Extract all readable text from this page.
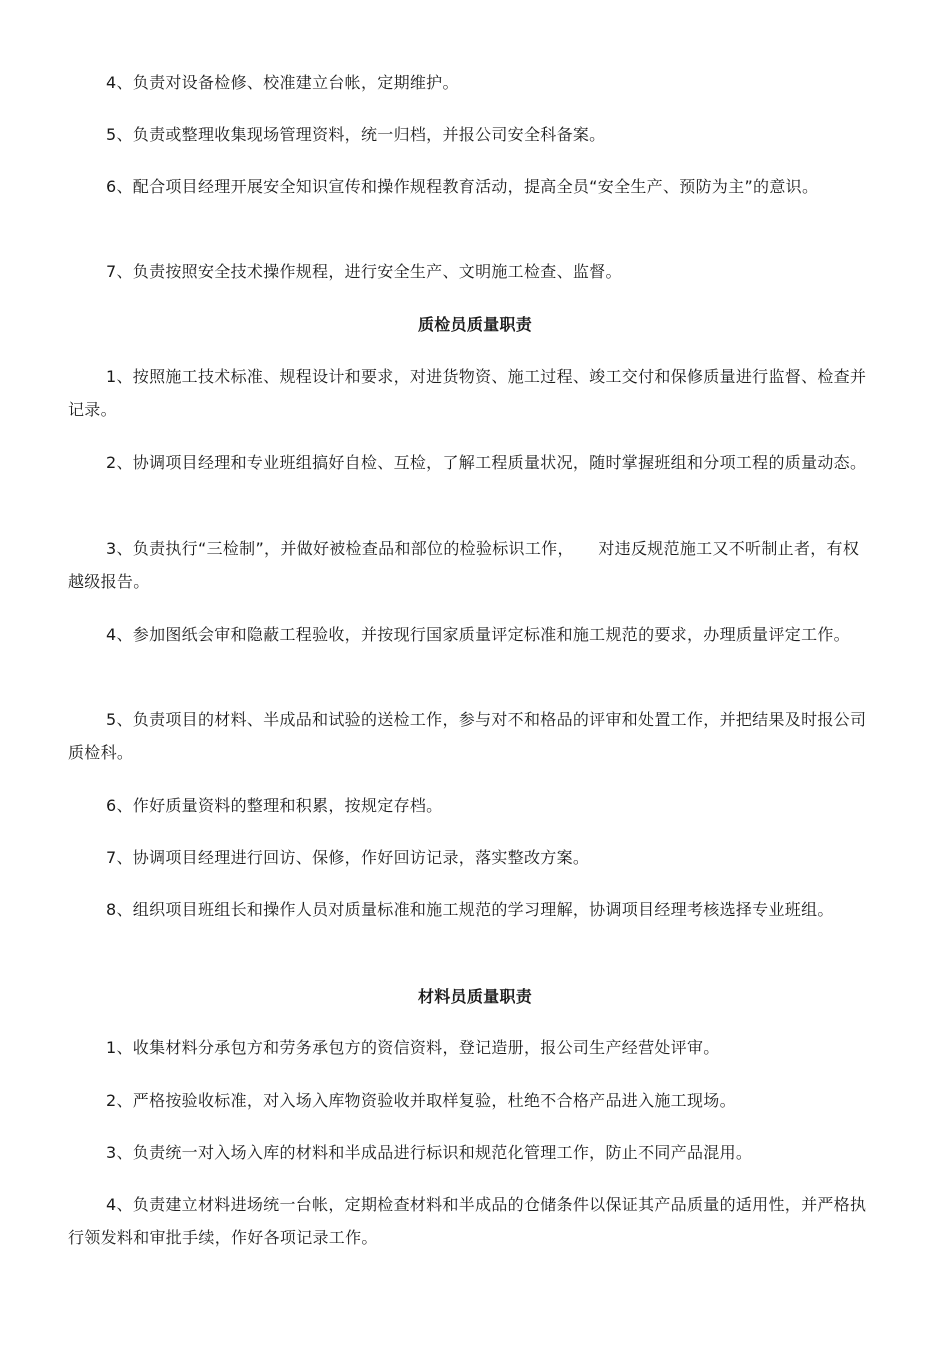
4、负责对设备检修、校准建立台帐，定期维护。

5、负责或整理收集现场管理资料，统一归档，并报公司安全科备案。

6、配合项目经理开展安全知识宣传和操作规程教育活动，提高全员“安全生产、预防为主”的意识。

7、负责按照安全技术操作规程，进行安全生产、文明施工检查、监督。

质检员质量职责

1、按照施工技术标准、规程设计和要求，对进货物资、施工过程、竣工交付和保修质量进行监督、检查并记录。

2、协调项目经理和专业班组搞好自检、互检，了解工程质量状况，随时掌握班组和分项工程的质量动态。

3、负责执行“三检制”，并做好被检查品和部位的检验标识工作，　　对违反规范施工又不听制止者，有权越级报告。

4、参加图纸会审和隐蔽工程验收，并按现行国家质量评定标准和施工规范的要求，办理质量评定工作。

5、负责项目的材料、半成品和试验的送检工作，参与对不和格品的评审和处置工作，并把结果及时报公司质检科。

6、作好质量资料的整理和积累，按规定存档。

7、协调项目经理进行回访、保修，作好回访记录，落实整改方案。

8、组织项目班组长和操作人员对质量标准和施工规范的学习理解，协调项目经理考核选择专业班组。

材料员质量职责

1、收集材料分承包方和劳务承包方的资信资料，登记造册，报公司生产经营处评审。

2、严格按验收标准，对入场入库物资验收并取样复验，杜绝不合格产品进入施工现场。

3、负责统一对入场入库的材料和半成品进行标识和规范化管理工作，防止不同产品混用。

4、负责建立材料进场统一台帐，定期检查材料和半成品的仓储条件以保证其产品质量的适用性，并严格执行领发料和审批手续，作好各项记录工作。
